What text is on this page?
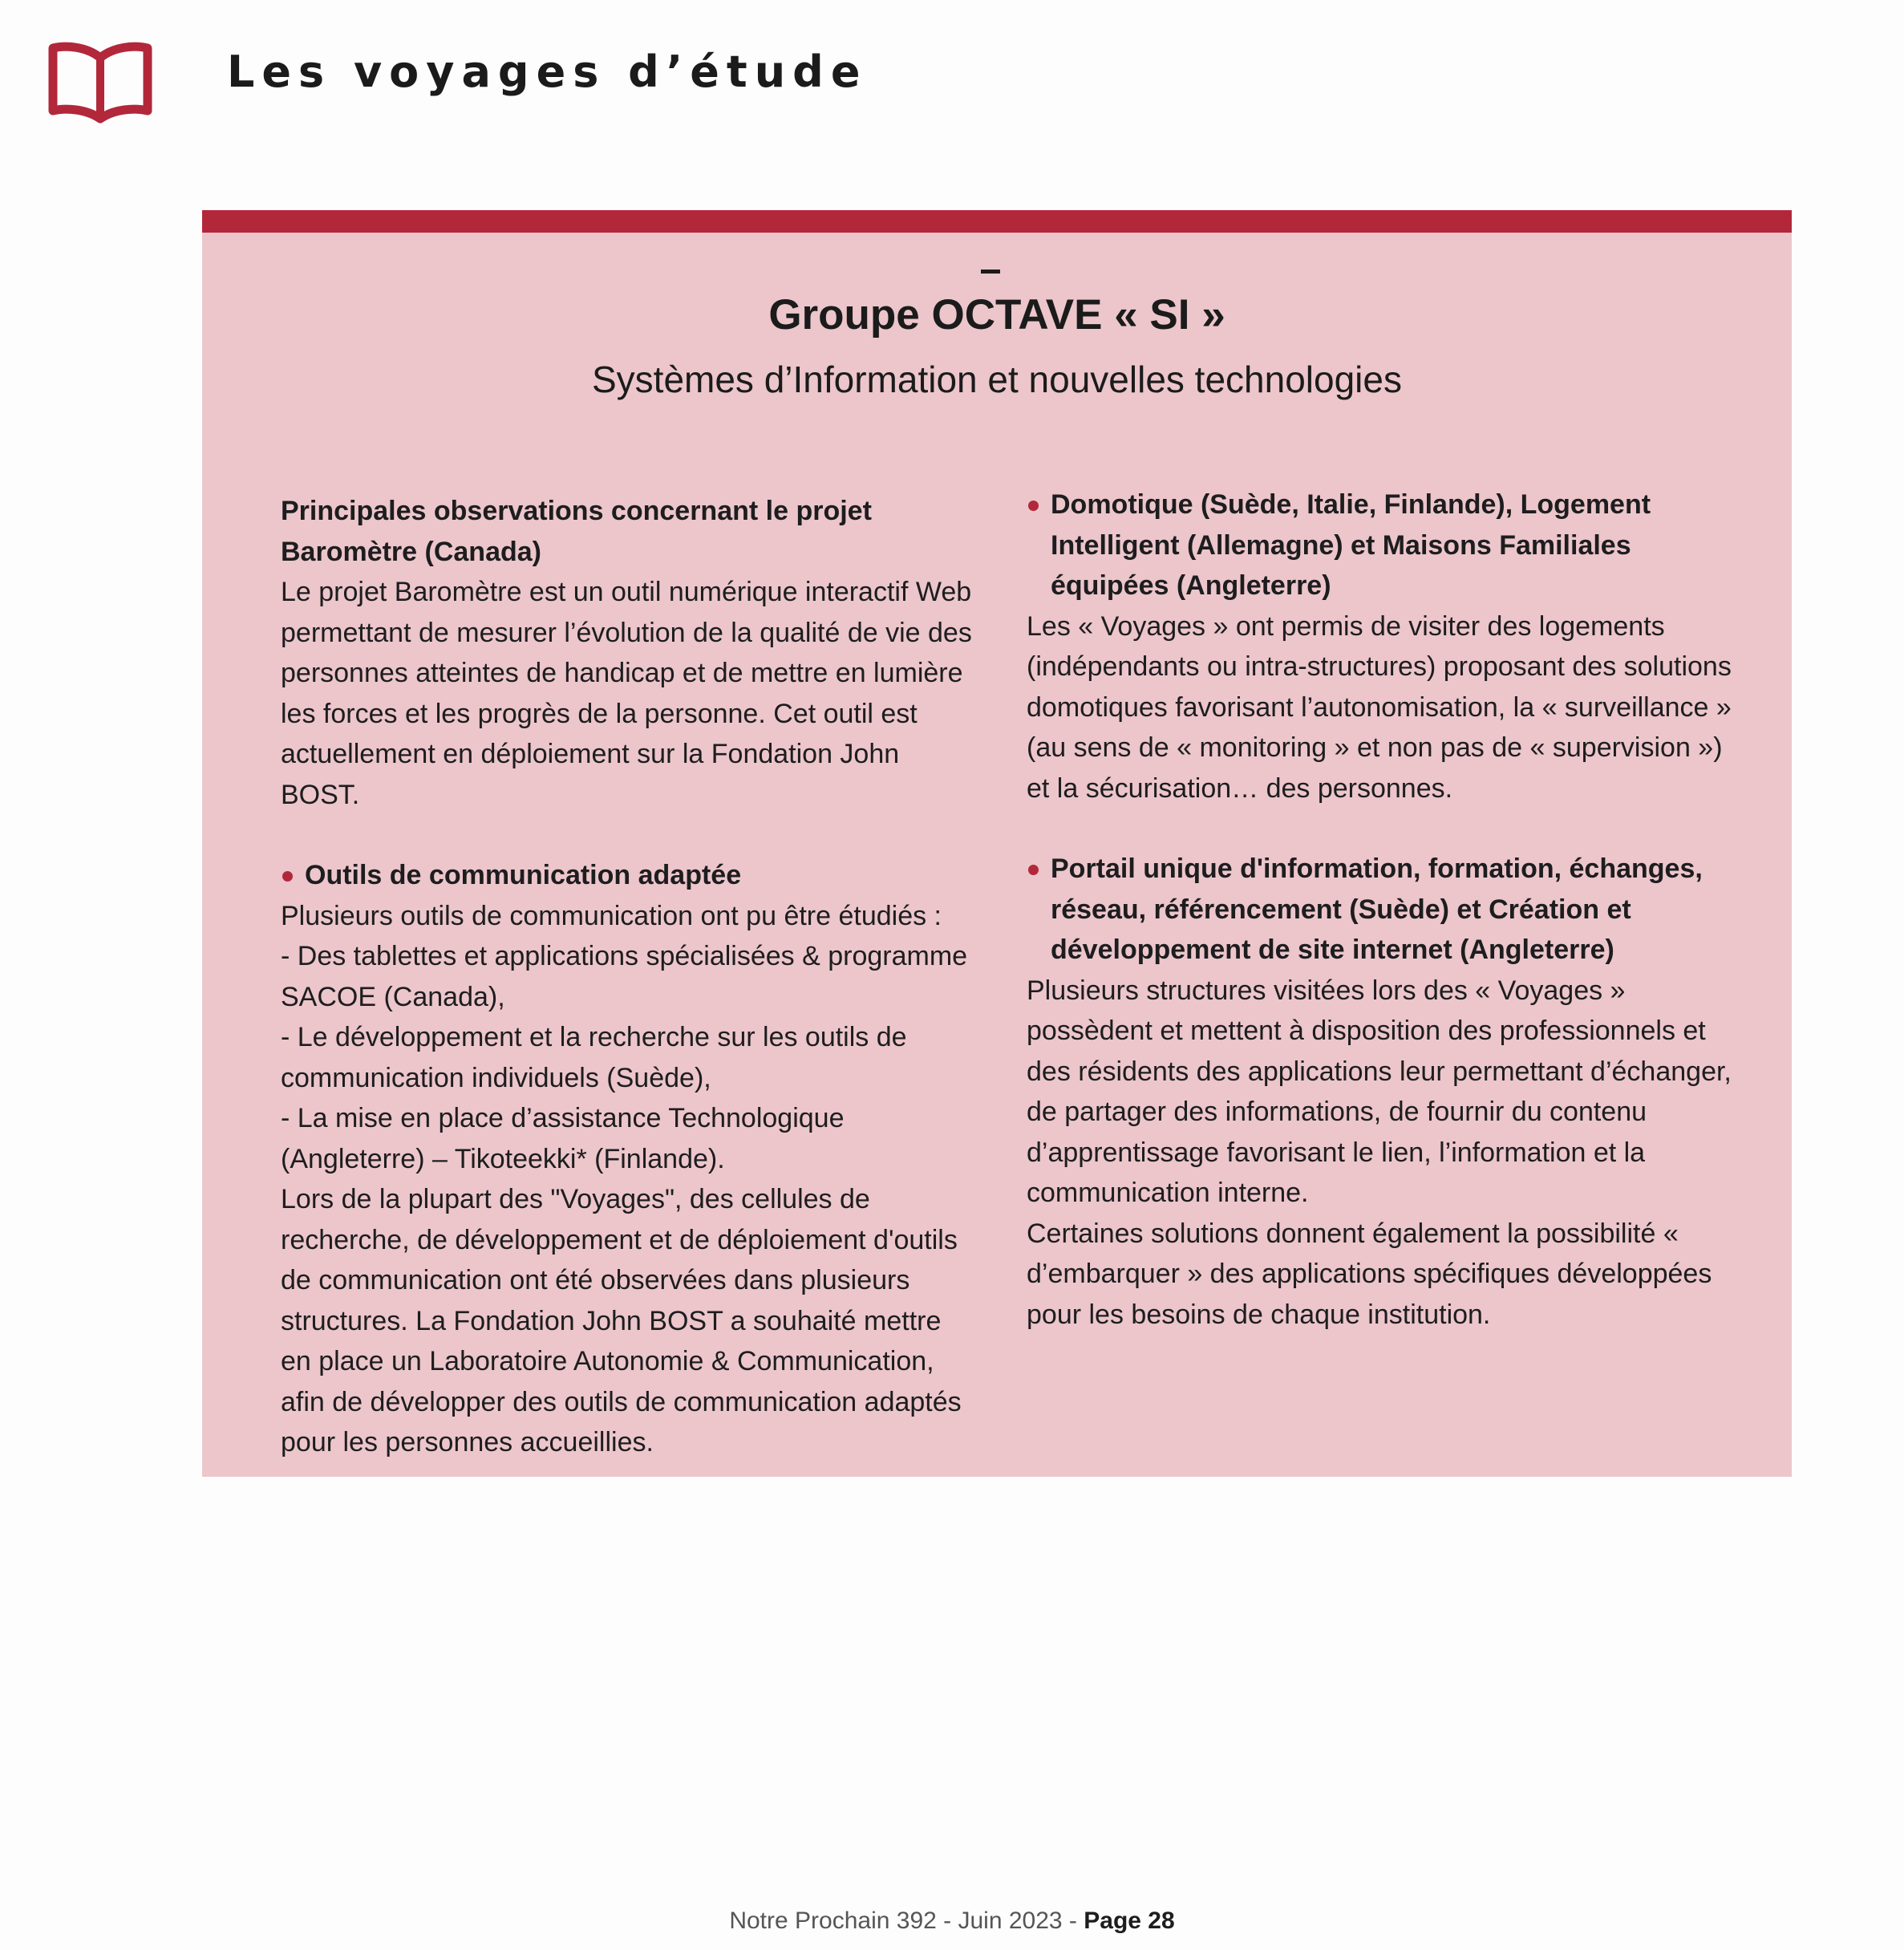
Les voyages d’étude
Groupe OCTAVE « SI »
Systèmes d’Information et nouvelles technologies

Principales observations concernant le projet Baromètre (Canada)

Le projet Baromètre est un outil numérique interactif Web permettant de mesurer l’évolution de la qualité de vie des personnes atteintes de handicap et de mettre en lumière les forces et les progrès de la personne. Cet outil est actuellement en déploiement sur la Fondation John BOST.

Outils de communication adaptée

Plusieurs outils de communication ont pu être étudiés :

- Des tablettes et applications spécialisées & programme SACOE (Canada),

- Le développement et la recherche sur les outils de communication individuels (Suède),

- La mise en place d’assistance Technologique (Angleterre) – Tikoteekki* (Finlande).

Lors de la plupart des "Voyages", des cellules de recherche, de développement et de déploiement d'outils de communication ont été observées dans plusieurs structures. La Fondation John BOST a souhaité mettre en place un Laboratoire Autonomie & Communication, afin de développer des outils de communication adaptés pour les personnes accueillies.

Domotique (Suède, Italie, Finlande), Logement Intelligent (Allemagne) et Maisons Familiales équipées (Angleterre)

Les « Voyages » ont permis de visiter des logements (indépendants ou intra-structures) proposant des solutions domotiques favorisant l’autonomisation, la « surveillance » (au sens de « monitoring » et non pas de « supervision ») et la sécurisation… des personnes.

Portail unique d'information, formation, échanges, réseau, référencement (Suède) et Création et développement de site internet (Angleterre)

Plusieurs structures visitées lors des « Voyages » possèdent et mettent à disposition des professionnels et des résidents des applications leur permettant d’échanger, de partager des informations, de fournir du contenu d’apprentissage favorisant le lien, l’information et la communication interne.

Certaines solutions donnent également la possibilité « d’embarquer » des applications spécifiques développées pour les besoins de chaque institution.

Notre Prochain 392 - Juin 2023 - Page 28
